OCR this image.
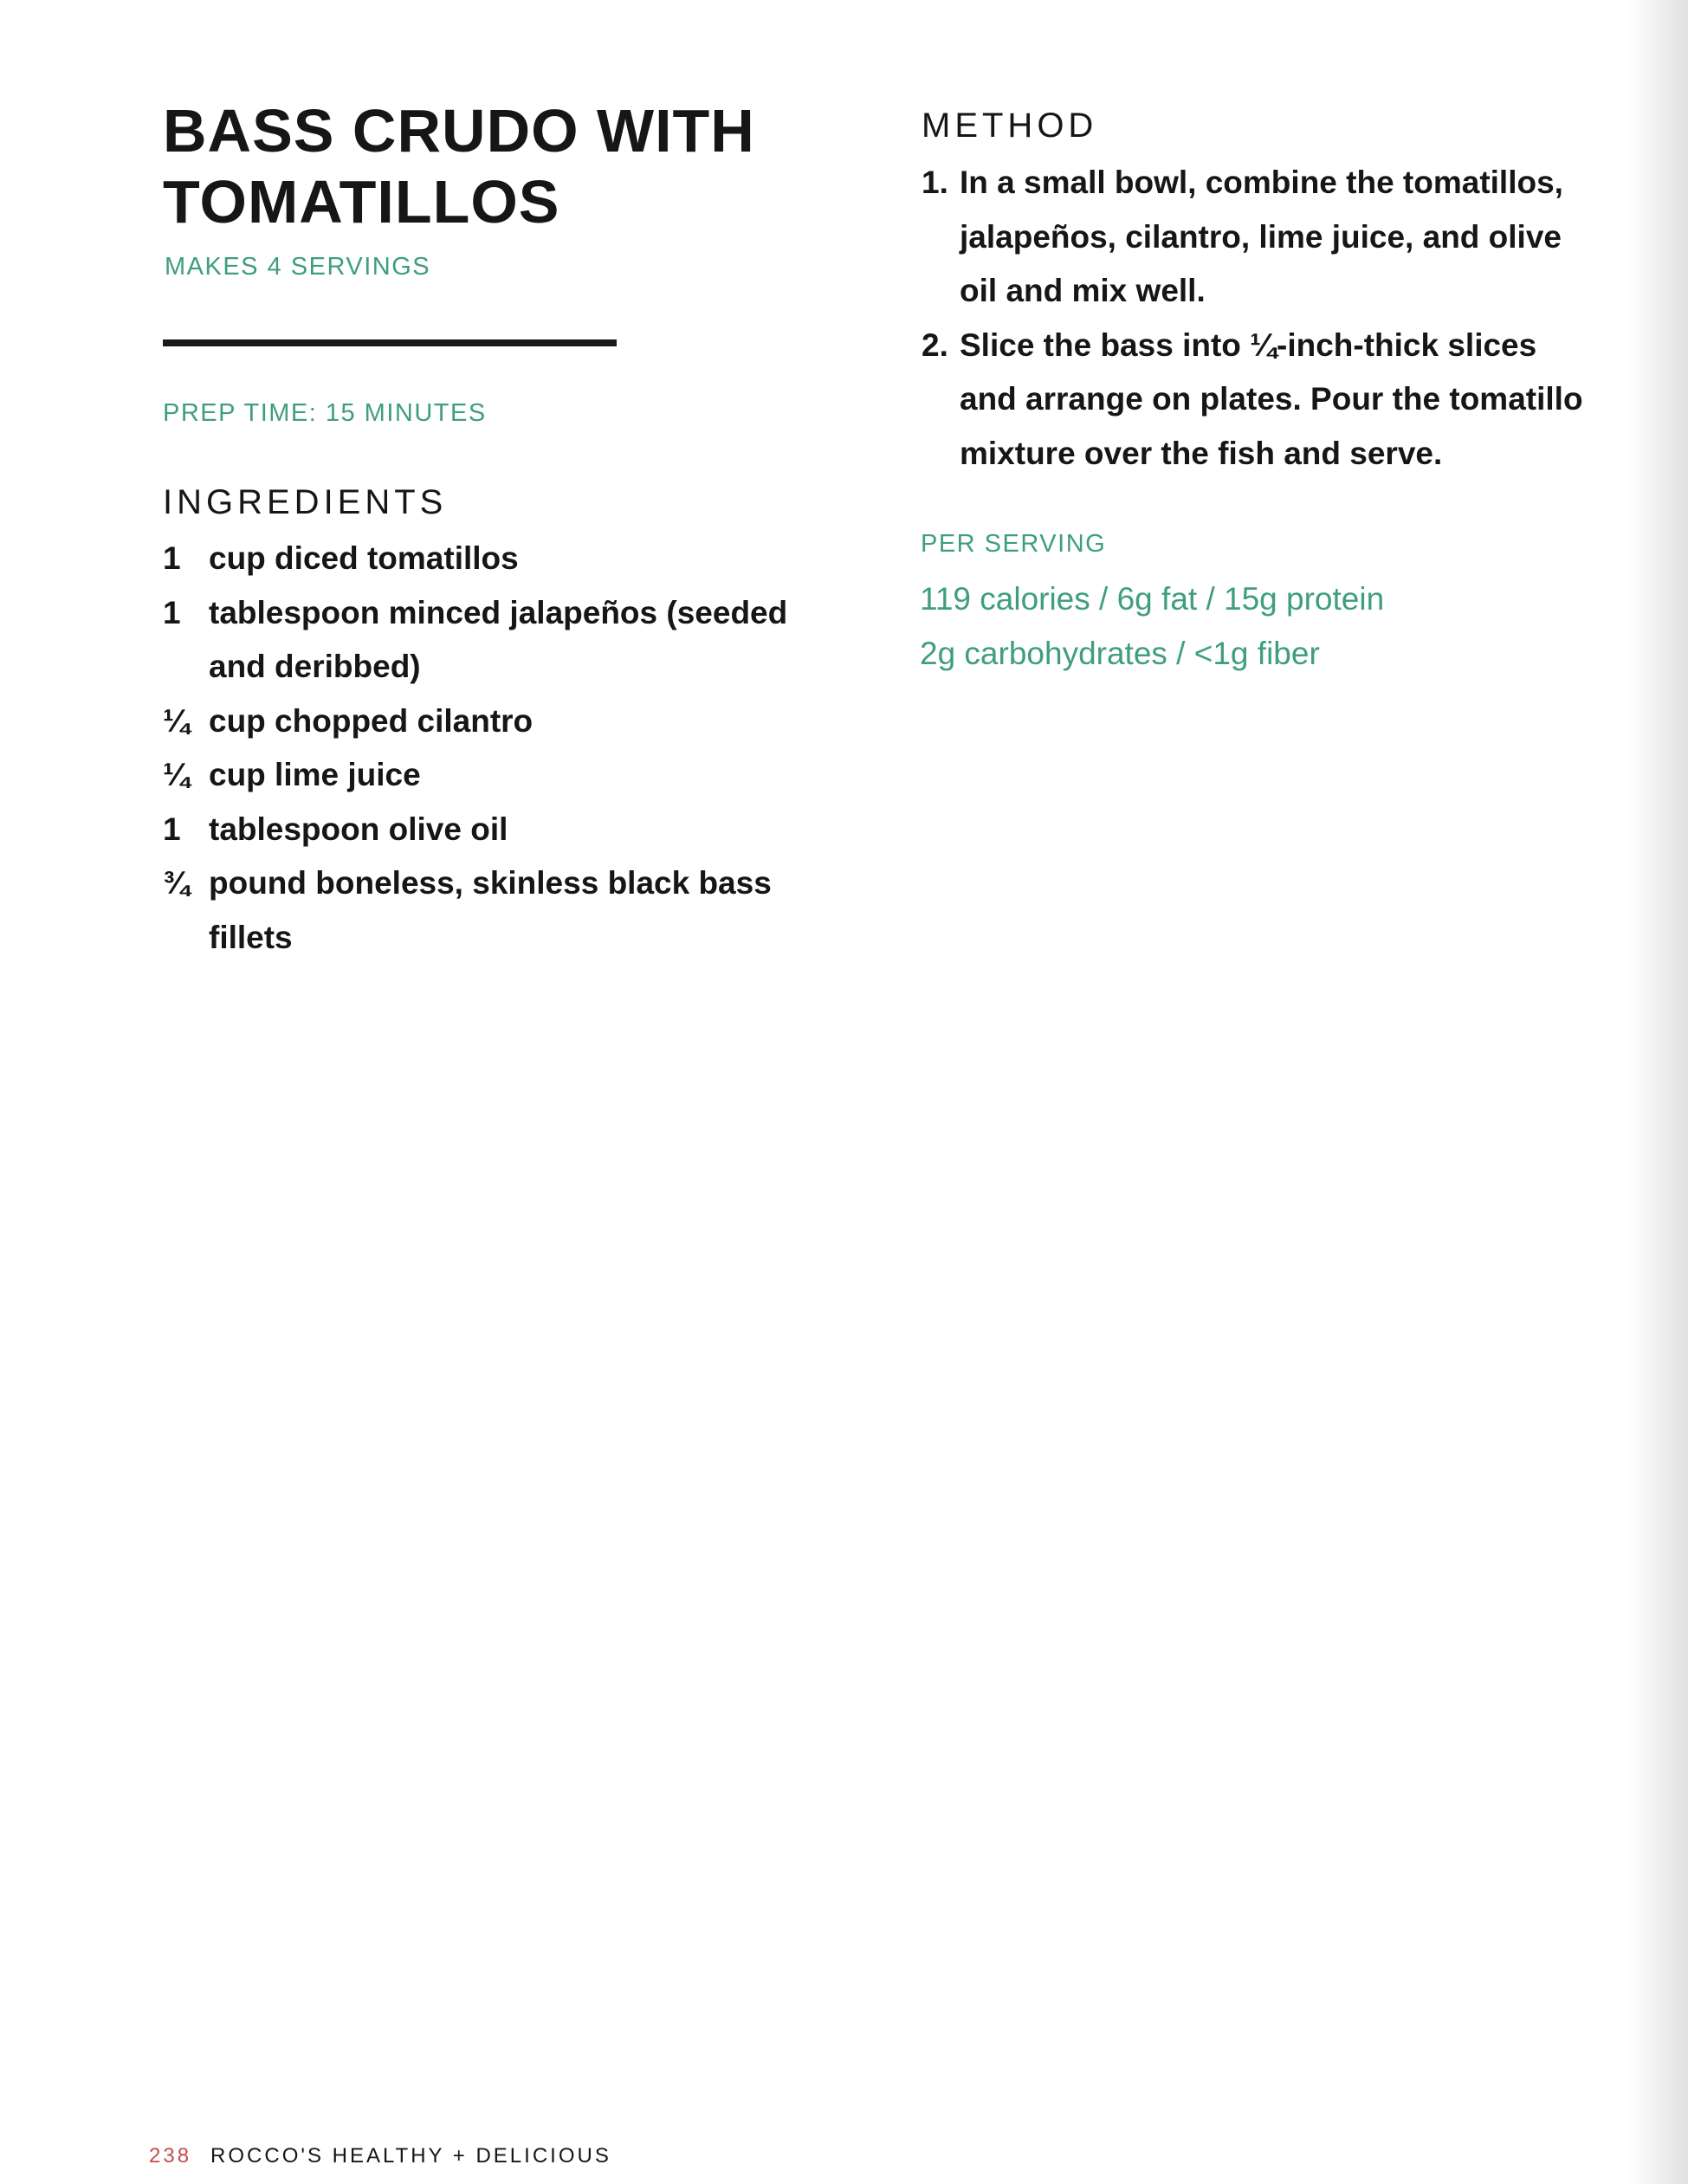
BASS CRUDO WITH
TOMATILLOS
MAKES 4 SERVINGS
PREP TIME: 15 MINUTES
INGREDIENTS
1 cup diced tomatillos
1 tablespoon minced jalapeños (seeded
and deribbed)
¼ cup chopped cilantro
¼ cup lime juice
1 tablespoon olive oil
¾ pound boneless, skinless black bass
fillets
METHOD
1. In a small bowl, combine the tomatillos,
jalapeños, cilantro, lime juice, and olive
oil and mix well.
2. Slice the bass into ¼-inch-thick slices
and arrange on plates. Pour the tomatillo
mixture over the fish and serve.
PER SERVING
119 calories / 6g fat / 15g protein
2g carbohydrates / <1g fiber
238 ROCCO'S HEALTHY + DELICIOUS
